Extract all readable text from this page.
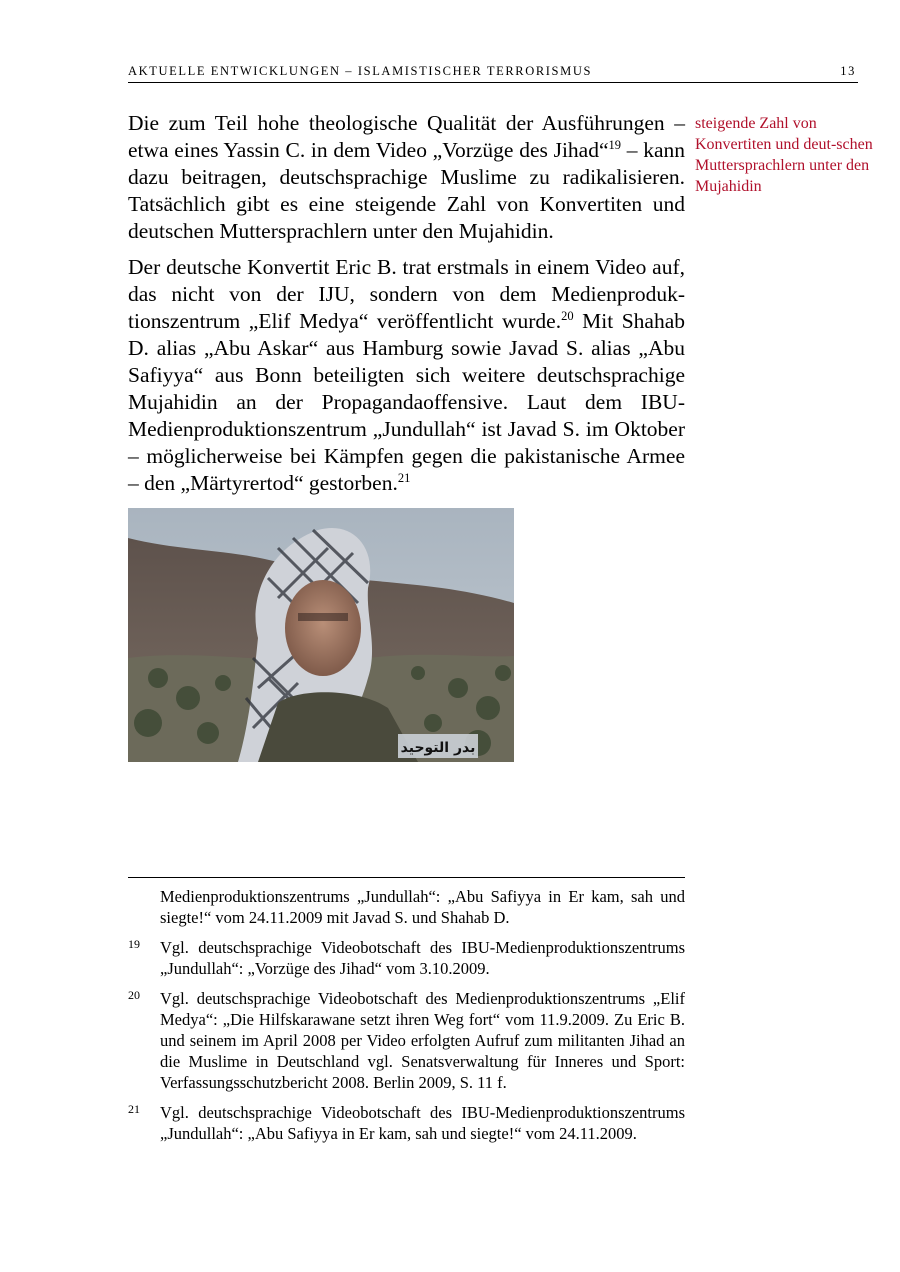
AKTUELLE ENTWICKLUNGEN – ISLAMISTISCHER TERRORISMUS	13

Die zum Teil hohe theologische Qualität der Ausführungen – etwa eines Yassin C. in dem Video „Vorzüge des Jihad“$^{19}$ – kann dazu beitragen, deutschsprachige Muslime zu radikalisieren. Tatsächlich gibt es eine steigende Zahl von Konvertiten und deutschen Muttersprachlern unter den Mujahidin.

Der deutsche Konvertit Eric B. trat erstmals in einem Video auf, das nicht von der IJU, sondern von dem Medienproduktionszentrum „Elif Medya“ veröffentlicht wurde.$^{20}$ Mit Shahab D. alias „Abu Askar“ aus Hamburg sowie Javad S. alias „Abu Safiyya“ aus Bonn beteiligten sich weitere deutschsprachige Mujahidin an der Propagandaoffensive. Laut dem IBU-Medienproduktionszentrum „Jundullah“ ist Javad S. im Oktober – möglicherweise bei Kämpfen gegen die pakistanische Armee – den „Märtyrertod“ gestorben.$^{21}$

steigende Zahl von Konvertiten und deut-schen Muttersprachlern unter den Mujahidin
بدر التوحيد
Medienproduktionszentrums „Jundullah“: „Abu Safiyya in Er kam, sah und siegte!“ vom 24.11.2009 mit Javad S. und Shahab D.
19 Vgl. deutschsprachige Videobotschaft des IBU-Medienproduktionszentrums „Jundullah“: „Vorzüge des Jihad“ vom 3.10.2009.
20 Vgl. deutschsprachige Videobotschaft des Medienproduktionszentrums „Elif Medya“: „Die Hilfskarawane setzt ihren Weg fort“ vom 11.9.2009. Zu Eric B. und seinem im April 2008 per Video erfolgten Aufruf zum militanten Jihad an die Muslime in Deutschland vgl. Senatsverwaltung für Inneres und Sport: Verfassungsschutzbericht 2008. Berlin 2009, S. 11 f.
21 Vgl. deutschsprachige Videobotschaft des IBU-Medienproduktionszentrums „Jundullah“: „Abu Safiyya in Er kam, sah und siegte!“ vom 24.11.2009.
